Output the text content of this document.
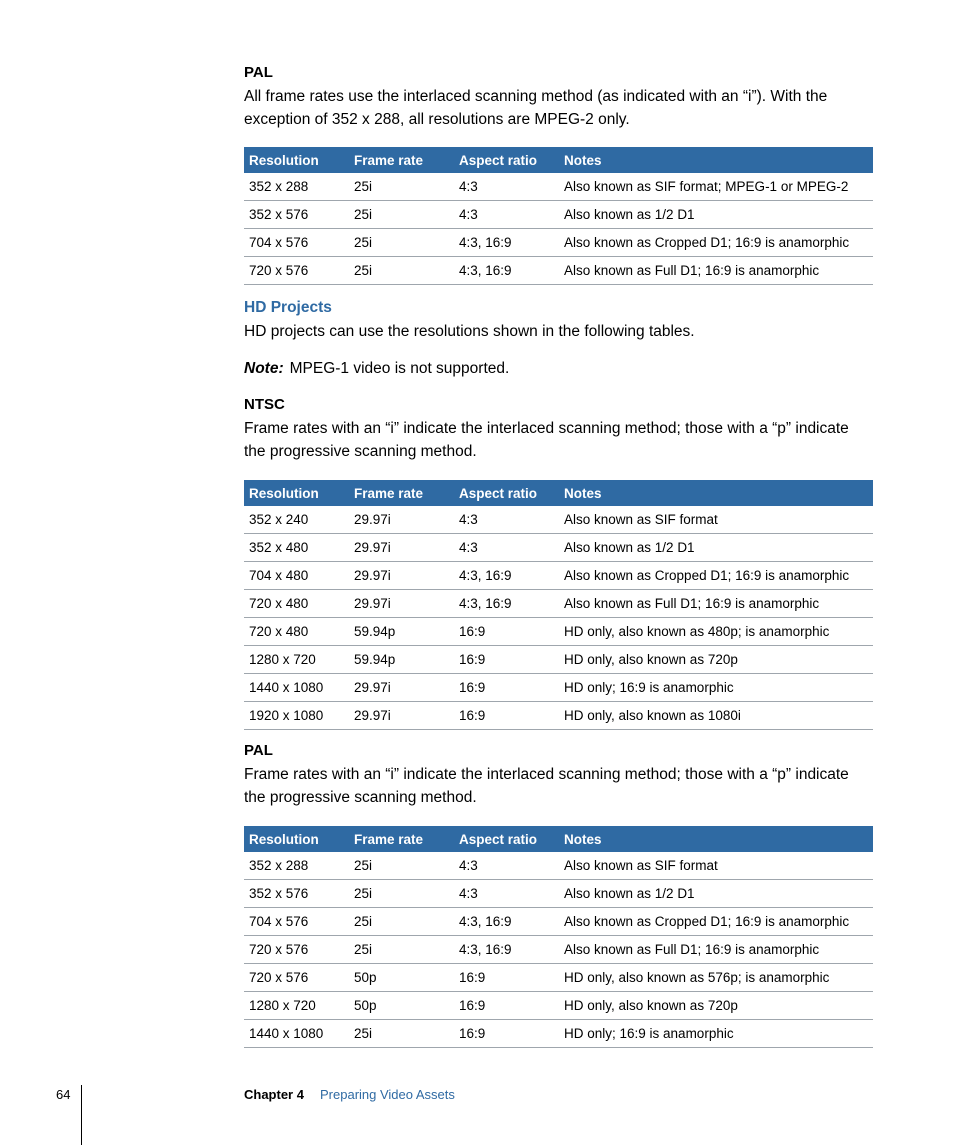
PAL

All frame rates use the interlaced scanning method (as indicated with an “i”). With the exception of 352 x 288, all resolutions are MPEG-2 only.

Resolution	Frame rate	Aspect ratio	Notes
352 x 288	25i	4:3	Also known as SIF format; MPEG-1 or MPEG-2
352 x 576	25i	4:3	Also known as 1/2 D1
704 x 576	25i	4:3, 16:9	Also known as Cropped D1; 16:9 is anamorphic
720 x 576	25i	4:3, 16:9	Also known as Full D1; 16:9 is anamorphic
HD Projects

HD projects can use the resolutions shown in the following tables.

Note: MPEG-1 video is not supported.

NTSC

Frame rates with an “i” indicate the interlaced scanning method; those with a “p” indicate the progressive scanning method.

Resolution	Frame rate	Aspect ratio	Notes
352 x 240	29.97i	4:3	Also known as SIF format
352 x 480	29.97i	4:3	Also known as 1/2 D1
704 x 480	29.97i	4:3, 16:9	Also known as Cropped D1; 16:9 is anamorphic
720 x 480	29.97i	4:3, 16:9	Also known as Full D1; 16:9 is anamorphic
720 x 480	59.94p	16:9	HD only, also known as 480p; is anamorphic
1280 x 720	59.94p	16:9	HD only, also known as 720p
1440 x 1080	29.97i	16:9	HD only; 16:9 is anamorphic
1920 x 1080	29.97i	16:9	HD only, also known as 1080i
PAL

Frame rates with an “i” indicate the interlaced scanning method; those with a “p” indicate the progressive scanning method.

Resolution	Frame rate	Aspect ratio	Notes
352 x 288	25i	4:3	Also known as SIF format
352 x 576	25i	4:3	Also known as 1/2 D1
704 x 576	25i	4:3, 16:9	Also known as Cropped D1; 16:9 is anamorphic
720 x 576	25i	4:3, 16:9	Also known as Full D1; 16:9 is anamorphic
720 x 576	50p	16:9	HD only, also known as 576p; is anamorphic
1280 x 720	50p	16:9	HD only, also known as 720p
1440 x 1080	25i	16:9	HD only; 16:9 is anamorphic
64	Chapter 4 Preparing Video Assets
